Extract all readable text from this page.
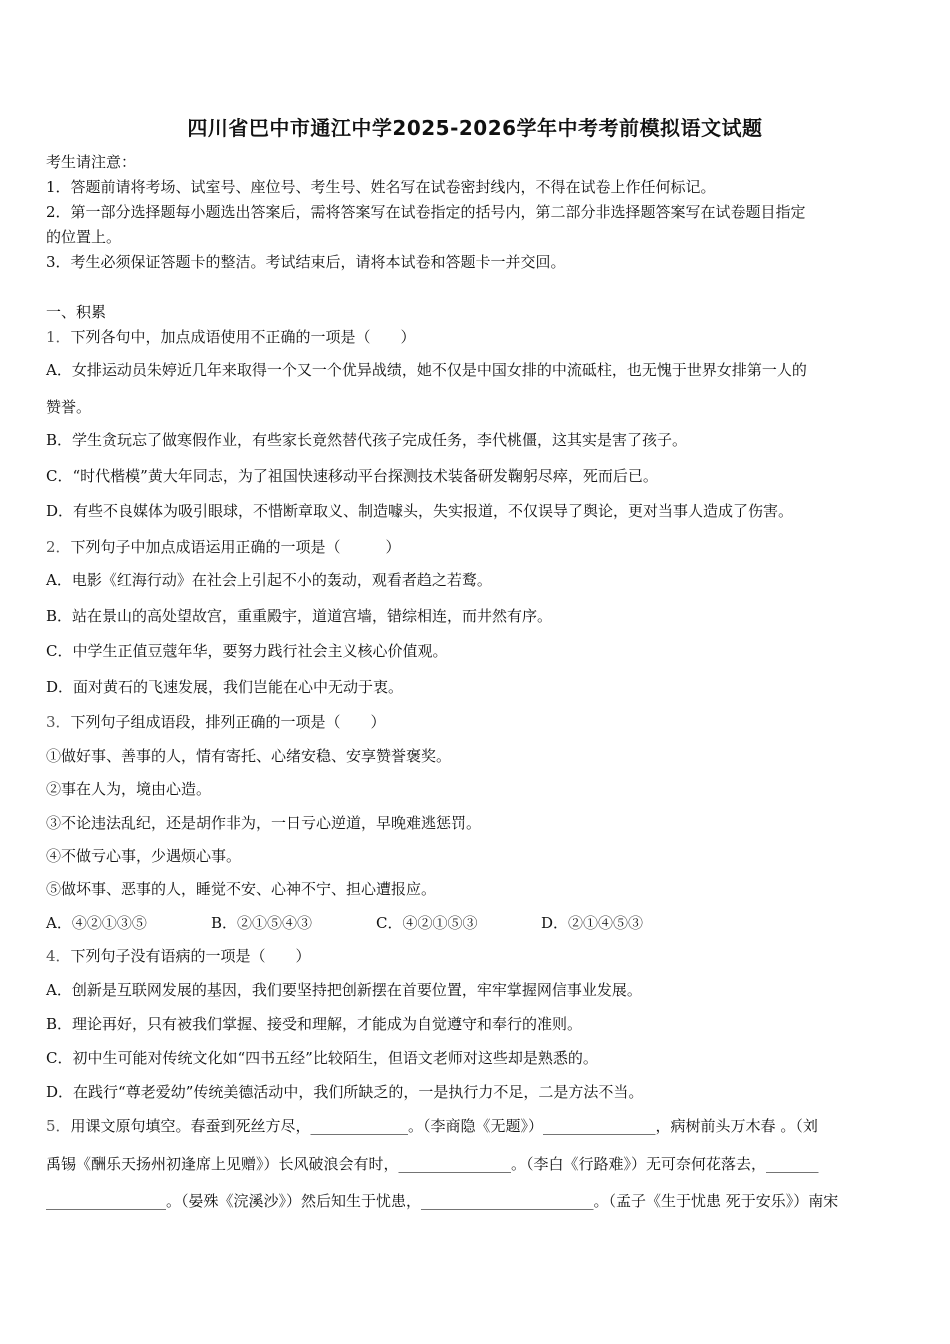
四川省巴中市通江中学2025-2026学年中考考前模拟语文试题
考生请注意：
1．答题前请将考场、试室号、座位号、考生号、姓名写在试卷密封线内，不得在试卷上作任何标记。
2．第一部分选择题每小题选出答案后，需将答案写在试卷指定的括号内，第二部分非选择题答案写在试卷题目指定
的位置上。
3．考生必须保证答题卡的整洁。考试结束后，请将本试卷和答题卡一并交回。
一、积累
1．下列各句中，加点成语使用不正确的一项是（　　）
A．女排运动员朱婷近几年来取得一个又一个优异战绩，她不仅是中国女排的中流砥柱，也无愧于世界女排第一人的
赞誉。
B．学生贪玩忘了做寒假作业，有些家长竟然替代孩子完成任务，李代桃僵，这其实是害了孩子。
C．“时代楷模”黄大年同志，为了祖国快速移动平台探测技术装备研发鞠躬尽瘁，死而后已。
D．有些不良媒体为吸引眼球，不惜断章取义、制造噱头，失实报道，不仅误导了舆论，更对当事人造成了伤害。
2．下列句子中加点成语运用正确的一项是（　　　）
A．电影《红海行动》在社会上引起不小的轰动，观看者趋之若鹜。
B．站在景山的高处望故宫，重重殿宇，道道宫墙，错综相连，而井然有序。
C．中学生正值豆蔻年华，要努力践行社会主义核心价值观。
D．面对黄石的飞速发展，我们岂能在心中无动于衷。
3．下列句子组成语段，排列正确的一项是（　　）
①做好事、善事的人，情有寄托、心绪安稳、安享赞誉褒奖。
②事在人为，境由心造。
③不论违法乱纪，还是胡作非为，一日亏心逆道，早晚难逃惩罚。
④不做亏心事，少遇烦心事。
⑤做坏事、恶事的人，睡觉不安、心神不宁、担心遭报应。
A．④②①③⑤	B．②①⑤④③	C．④②①⑤③	D．②①④⑤③
4．下列句子没有语病的一项是（　　）
A．创新是互联网发展的基因，我们要坚持把创新摆在首要位置，牢牢掌握网信事业发展。
B．理论再好，只有被我们掌握、接受和理解，才能成为自觉遵守和奉行的准则。
C．初中生可能对传统文化如“四书五经”比较陌生，但语文老师对这些却是熟悉的。
D．在践行“尊老爱幼”传统美德活动中，我们所缺乏的，一是执行力不足，二是方法不当。
5．用课文原句填空。春蚕到死丝方尽，_____________。（李商隐《无题》）_______________，病树前头万木春 。（刘
禹锡《酬乐天扬州初逢席上见赠》）长风破浪会有时，_______________。（李白《行路难》）无可奈何花落去，_______
________________。（晏殊《浣溪沙》）然后知生于忧患，_______________________。（孟子《生于忧患 死于安乐》）南宋
